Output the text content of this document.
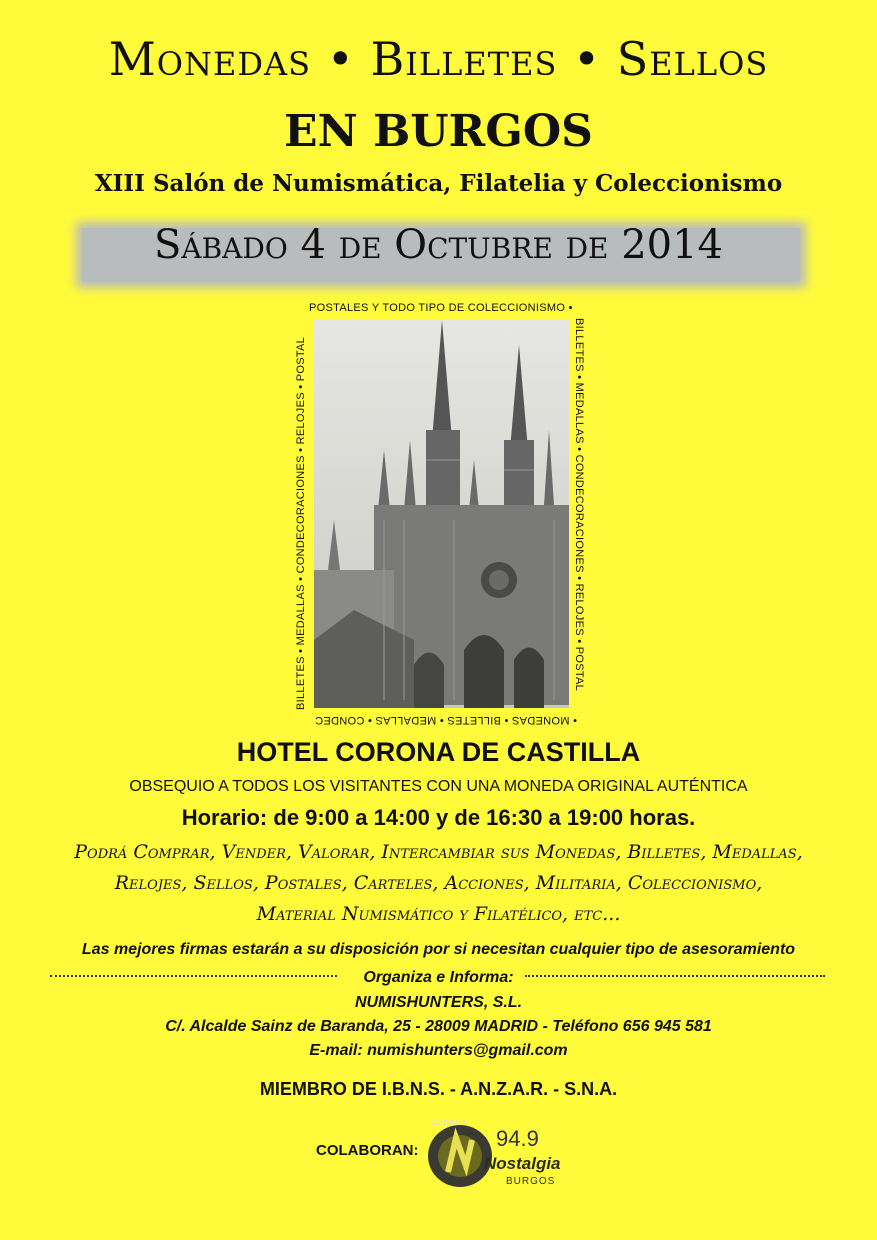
Monedas • Billetes • Sellos
EN BURGOS
XIII Salón de Numismática, Filatelia y Coleccionismo
Sábado 4 de Octubre de 2014
POSTALES Y TODO TIPO DE COLECCIONISMO •
BILLETES • MEDALLAS • CONDECORACIONES • RELOJES • POSTAL
• MONEDAS • BILLETES • MEDALLAS • CONDEC
BILLETES • MEDALLAS • CONDECORACIONES • RELOJES • POSTAL
HOTEL CORONA DE CASTILLA
OBSEQUIO A TODOS LOS VISITANTES CON UNA MONEDA ORIGINAL AUTÉNTICA
Horario: de 9:00 a 14:00 y de 16:30 a 19:00 horas.
Podrá Comprar, Vender, Valorar, Intercambiar sus Monedas, Billetes, Medallas,
Relojes, Sellos, Postales, Carteles, Acciones, Militaria, Coleccionismo,
Material Numismático y Filatélico, etc...
Las mejores firmas estarán a su disposición por si necesitan cualquier tipo de asesoramiento
Organiza e Informa:
NUMISHUNTERS, S.L.
C/. Alcalde Sainz de Baranda, 25 - 28009 MADRID - Teléfono 656 945 581
E-mail: numishunters@gmail.com
MIEMBRO DE I.B.N.S. - A.N.Z.A.R. - S.N.A.
COLABORAN:
CADENA
94.9
Nostalgia
BURGOS
